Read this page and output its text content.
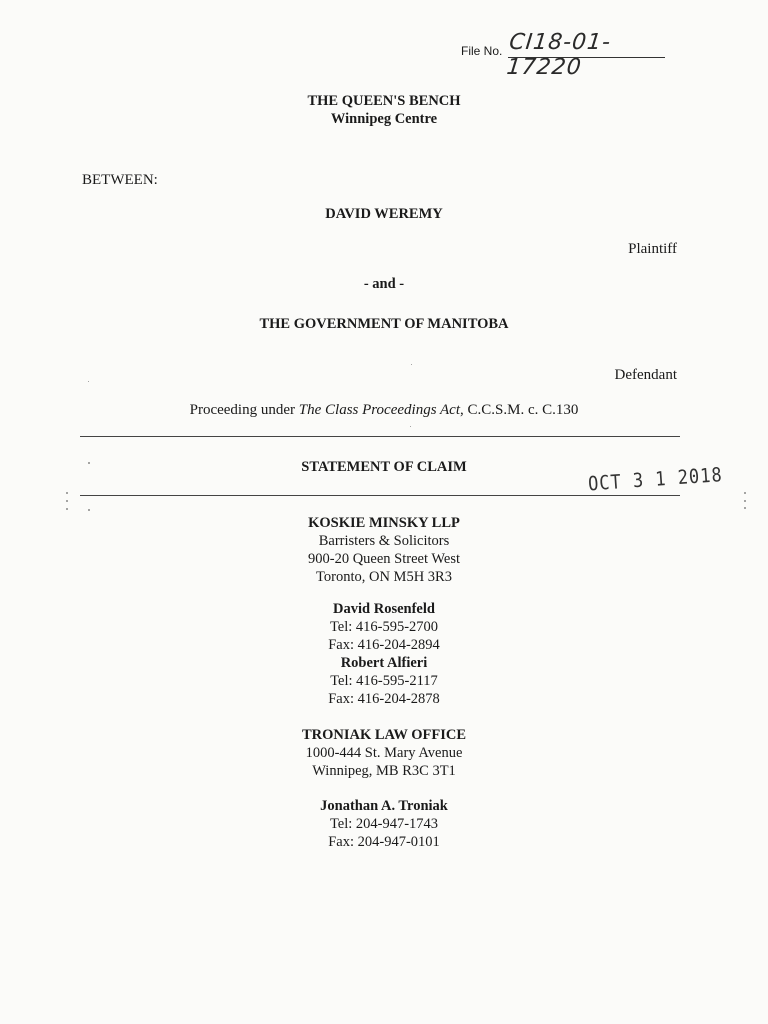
File No. CI18-01-17220
THE QUEEN'S BENCH
Winnipeg Centre
BETWEEN:
DAVID WEREMY
Plaintiff
- and -
THE GOVERNMENT OF MANITOBA
Defendant
Proceeding under The Class Proceedings Act, C.C.S.M. c. C.130
STATEMENT OF CLAIM	OCT 3 1 2018
KOSKIE MINSKY LLP
Barristers & Solicitors
900-20 Queen Street West
Toronto, ON M5H 3R3
David Rosenfeld
Tel: 416-595-2700
Fax: 416-204-2894
Robert Alfieri
Tel: 416-595-2117
Fax: 416-204-2878
TRONIAK LAW OFFICE
1000-444 St. Mary Avenue
Winnipeg, MB R3C 3T1
Jonathan A. Troniak
Tel: 204-947-1743
Fax: 204-947-0101
